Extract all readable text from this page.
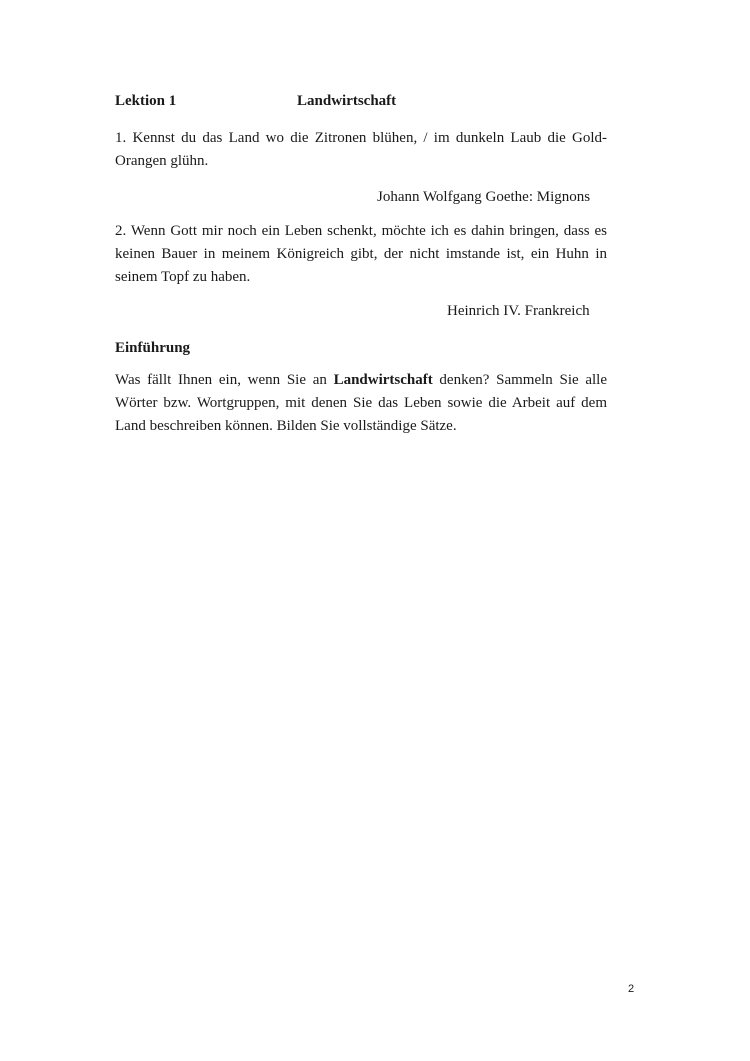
Lektion 1	Landwirtschaft

1. Kennst du das Land wo die Zitronen blühen, / im dunkeln Laub die Gold-Orangen glühn.

Johann Wolfgang Goethe: Mignons

2. Wenn Gott mir noch ein Leben schenkt, möchte ich es dahin bringen, dass es keinen Bauer in meinem Königreich gibt, der nicht imstande ist, ein Huhn in seinem Topf zu haben.

Heinrich IV. Frankreich
Einführung

Was fällt Ihnen ein, wenn Sie an Landwirtschaft denken? Sammeln Sie alle Wörter bzw. Wortgruppen, mit denen Sie das Leben sowie die Arbeit auf dem Land beschreiben können. Bilden Sie vollständige Sätze.

2
